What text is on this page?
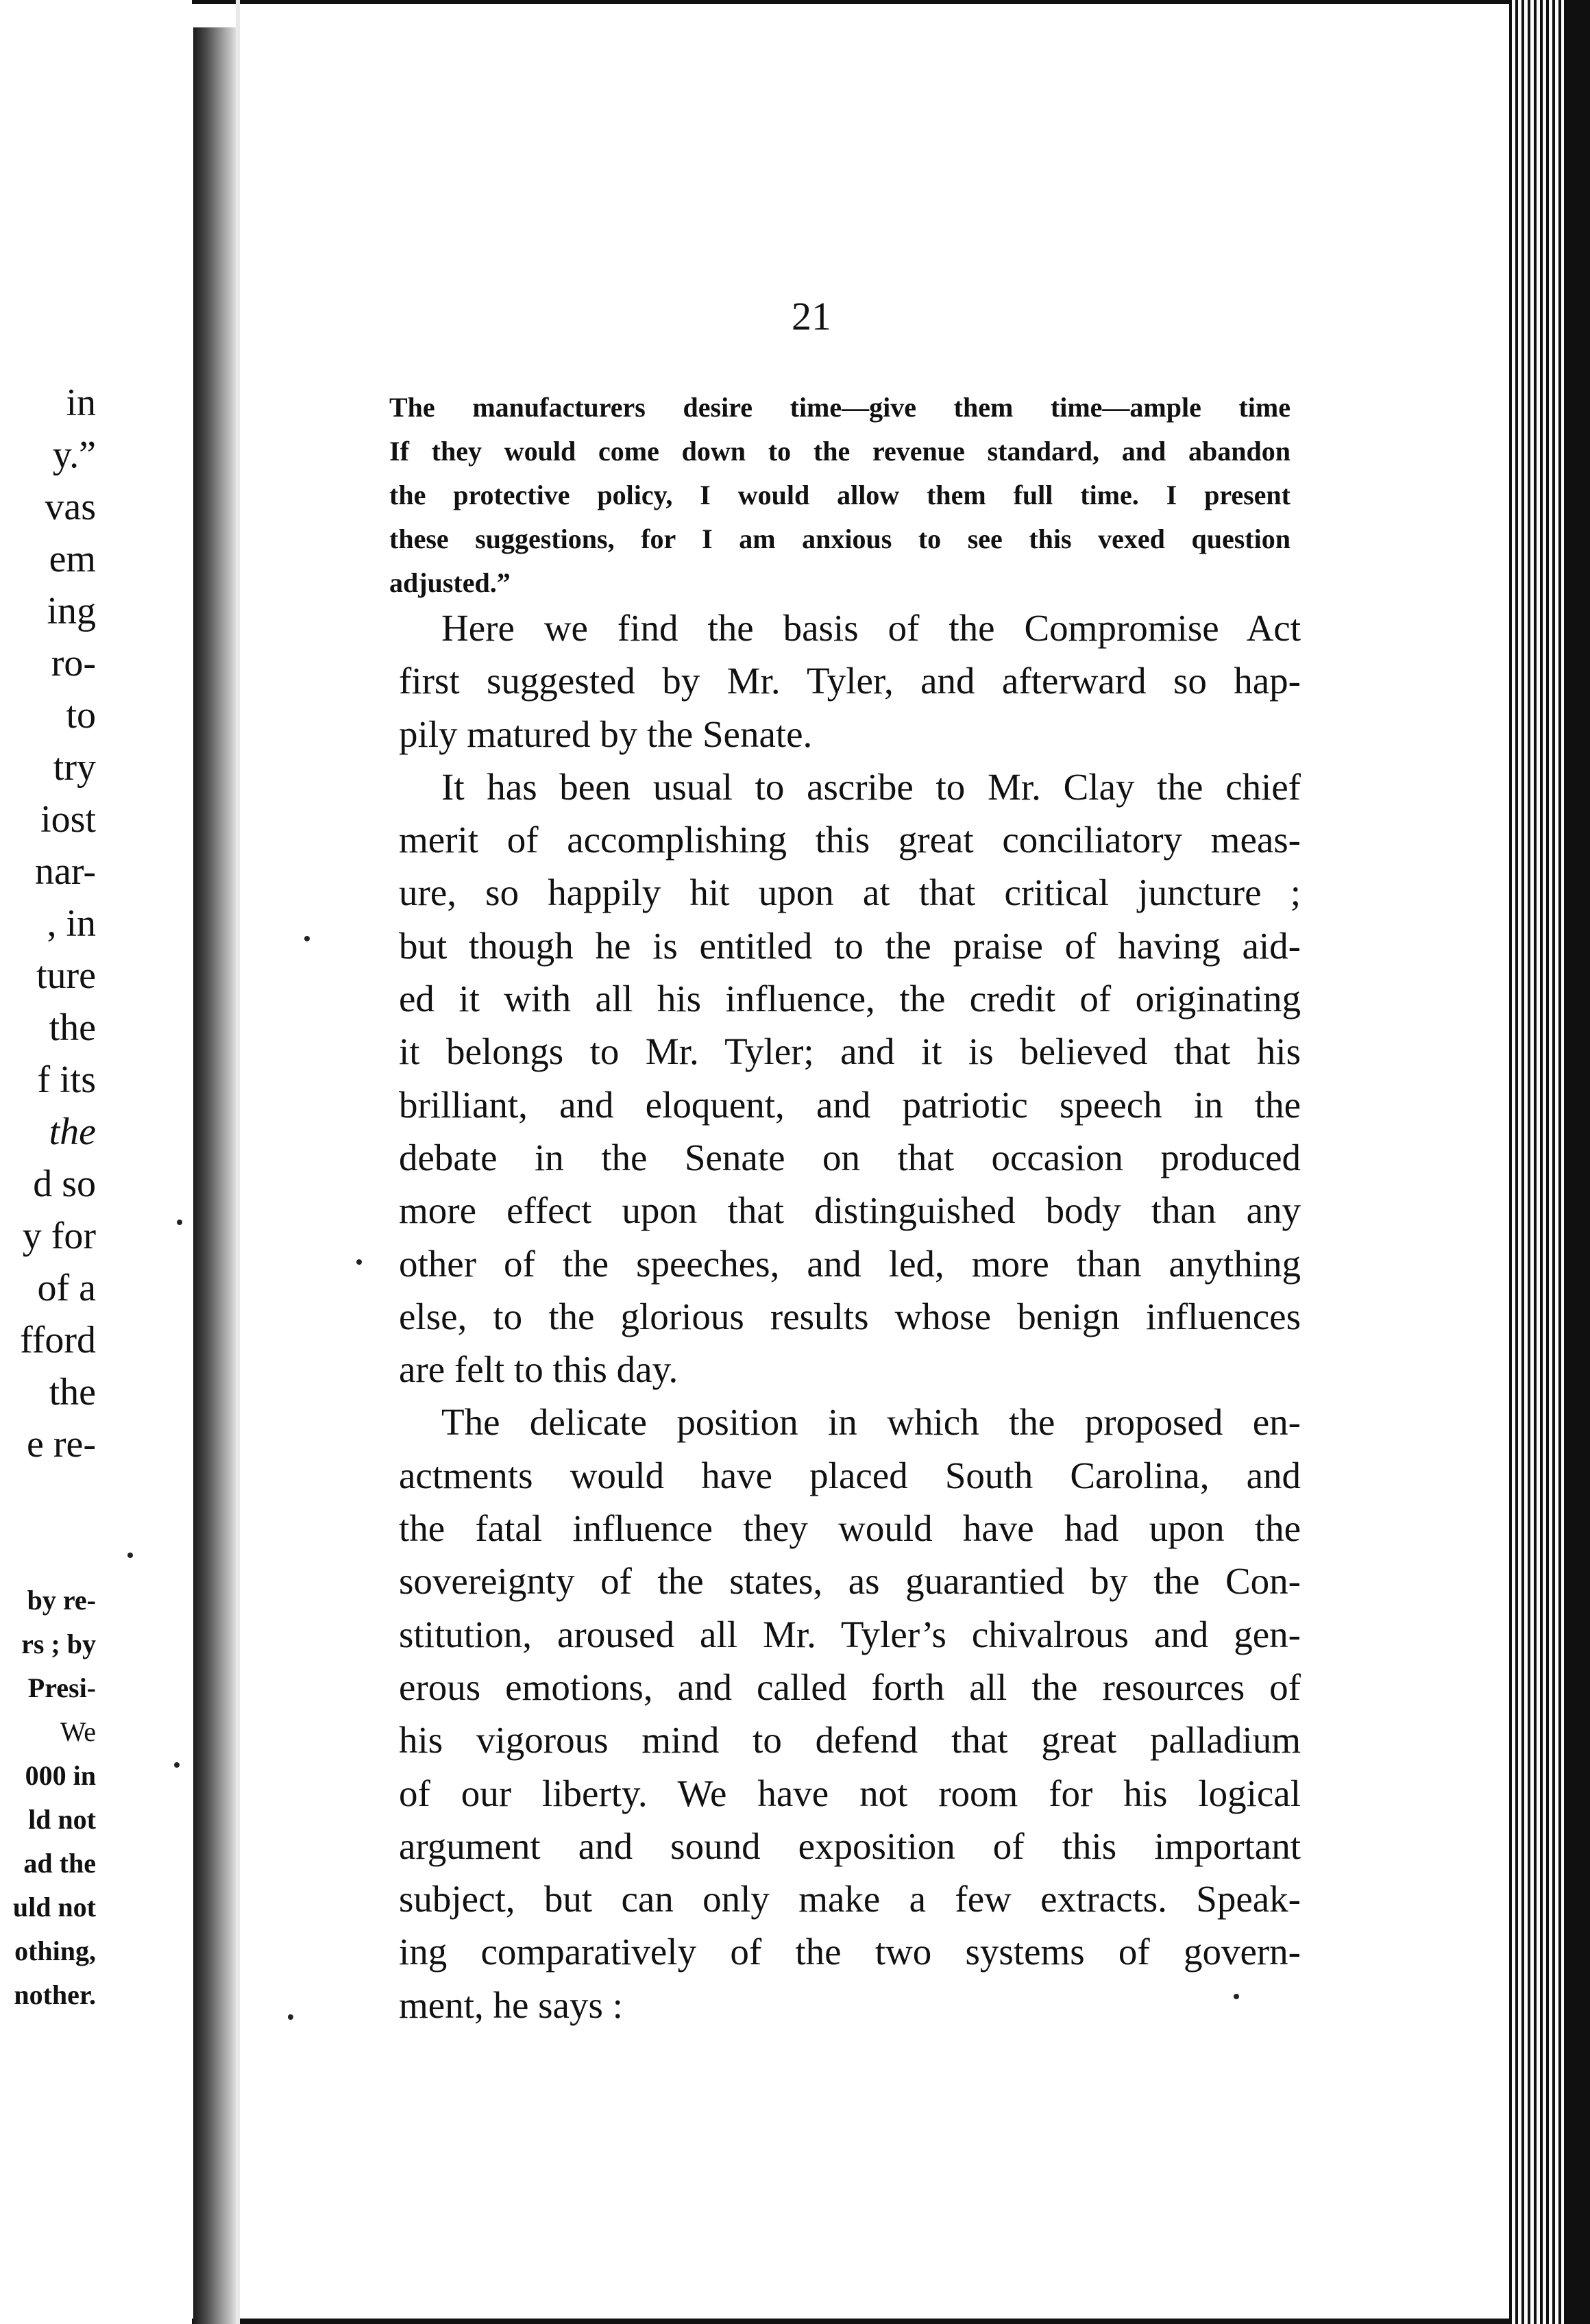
in
y.”
vas
em
ing
ro-
to
try
iost
nar-
, in
ture
the
f its
the
d so
y for
of a
fford
the
e re-
by re-
rs ; by
Presi-
We
000 in
ld not
ad the
uld not
othing,
nother.
21
The manufacturers desire time—give them time—ample time
If they would come down to the revenue standard, and abandon
the protective policy, I would allow them full time. I present
these suggestions, for I am anxious to see this vexed question
adjusted.”
Here we find the basis of the Compromise Act
first suggested by Mr. Tyler, and afterward so hap-
pily matured by the Senate.
It has been usual to ascribe to Mr. Clay the chief
merit of accomplishing this great conciliatory meas-
ure, so happily hit upon at that critical juncture ;
but though he is entitled to the praise of having aid-
ed it with all his influence, the credit of originating
it belongs to Mr. Tyler; and it is believed that his
brilliant, and eloquent, and patriotic speech in the
debate in the Senate on that occasion produced
more effect upon that distinguished body than any
other of the speeches, and led, more than anything
else, to the glorious results whose benign influences
are felt to this day.
The delicate position in which the proposed en-
actments would have placed South Carolina, and
the fatal influence they would have had upon the
sovereignty of the states, as guarantied by the Con-
stitution, aroused all Mr. Tyler’s chivalrous and gen-
erous emotions, and called forth all the resources of
his vigorous mind to defend that great palladium
of our liberty. We have not room for his logical
argument and sound exposition of this important
subject, but can only make a few extracts. Speak-
ing comparatively of the two systems of govern-
ment, he says :
